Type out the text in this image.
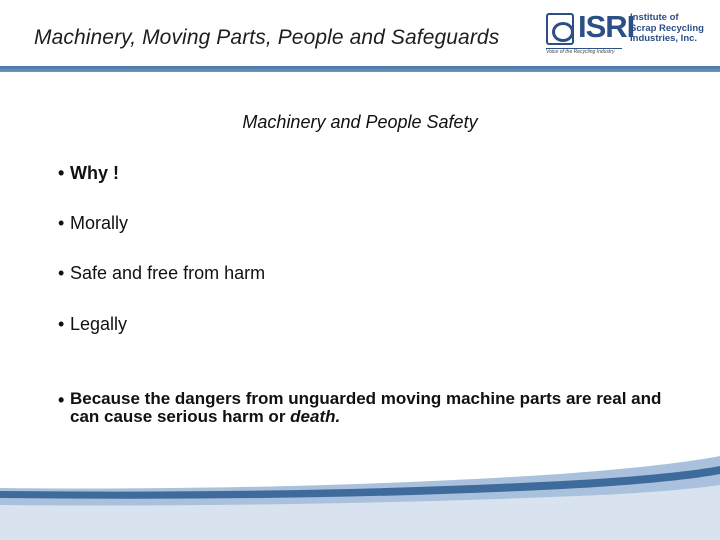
Machinery, Moving Parts, People and Safeguards	ISRI
Voice of the Recycling Industry
Institute of
Scrap Recycling
Industries, Inc.
Machinery and People Safety
• Why !
• Morally
• Safe and free from harm
• Legally
• Because the dangers from unguarded moving machine parts are real and can cause serious harm or death.
